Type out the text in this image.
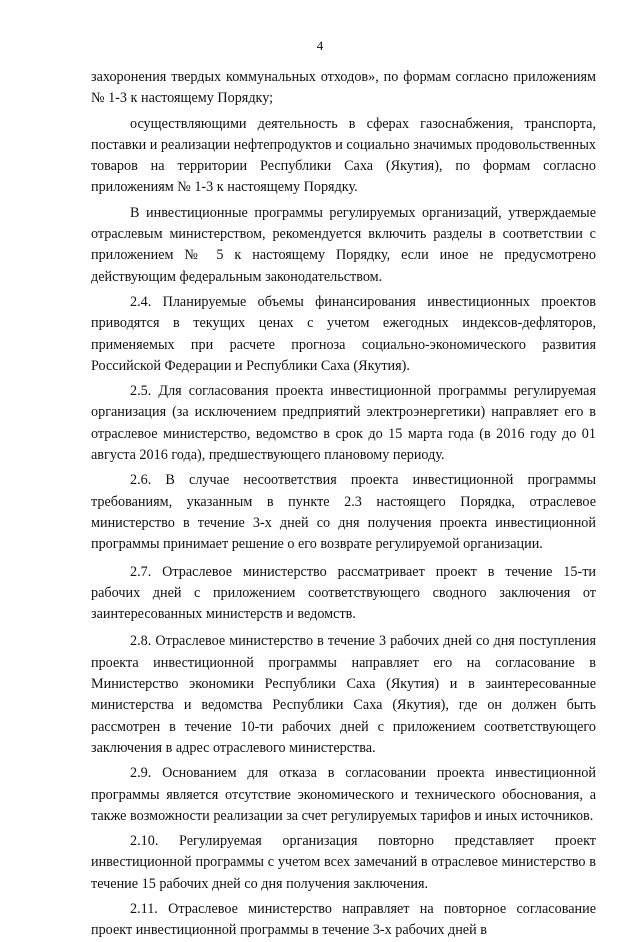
4

захоронения твердых коммунальных отходов», по формам согласно приложениям № 1-3 к настоящему Порядку;

осуществляющими деятельность в сферах газоснабжения, транспорта, поставки и реализации нефтепродуктов и социально значимых продовольственных товаров на территории Республики Саха (Якутия), по формам согласно приложениям № 1-3 к настоящему Порядку.

В инвестиционные программы регулируемых организаций, утверждаемые отраслевым министерством, рекомендуется включить разделы в соответствии с приложением № 5 к настоящему Порядку, если иное не предусмотрено действующим федеральным законодательством.

2.4. Планируемые объемы финансирования инвестиционных проектов приводятся в текущих ценах с учетом ежегодных индексов-дефляторов, применяемых при расчете прогноза социально-экономического развития Российской Федерации и Республики Саха (Якутия).

2.5. Для согласования проекта инвестиционной программы регулируемая организация (за исключением предприятий электроэнергетики) направляет его в отраслевое министерство, ведомство в срок до 15 марта года (в 2016 году до 01 августа 2016 года), предшествующего плановому периоду.

2.6. В случае несоответствия проекта инвестиционной программы требованиям, указанным в пункте 2.3 настоящего Порядка, отраслевое министерство в течение 3-х дней со дня получения проекта инвестиционной программы принимает решение о его возврате регулируемой организации.

2.7. Отраслевое министерство рассматривает проект в течение 15-ти рабочих дней с приложением соответствующего сводного заключения от заинтересованных министерств и ведомств.

2.8. Отраслевое министерство в течение 3 рабочих дней со дня поступления проекта инвестиционной программы направляет его на согласование в Министерство экономики Республики Саха (Якутия) и в заинтересованные министерства и ведомства Республики Саха (Якутия), где он должен быть рассмотрен в течение 10-ти рабочих дней с приложением соответствующего заключения в адрес отраслевого министерства.

2.9. Основанием для отказа в согласовании проекта инвестиционной программы является отсутствие экономического и технического обоснования, а также возможности реализации за счет регулируемых тарифов и иных источников.

2.10. Регулируемая организация повторно представляет проект инвестиционной программы с учетом всех замечаний в отраслевое министерство в течение 15 рабочих дней со дня получения заключения.

2.11. Отраслевое министерство направляет на повторное согласование проект инвестиционной программы в течение 3-х рабочих дней в
